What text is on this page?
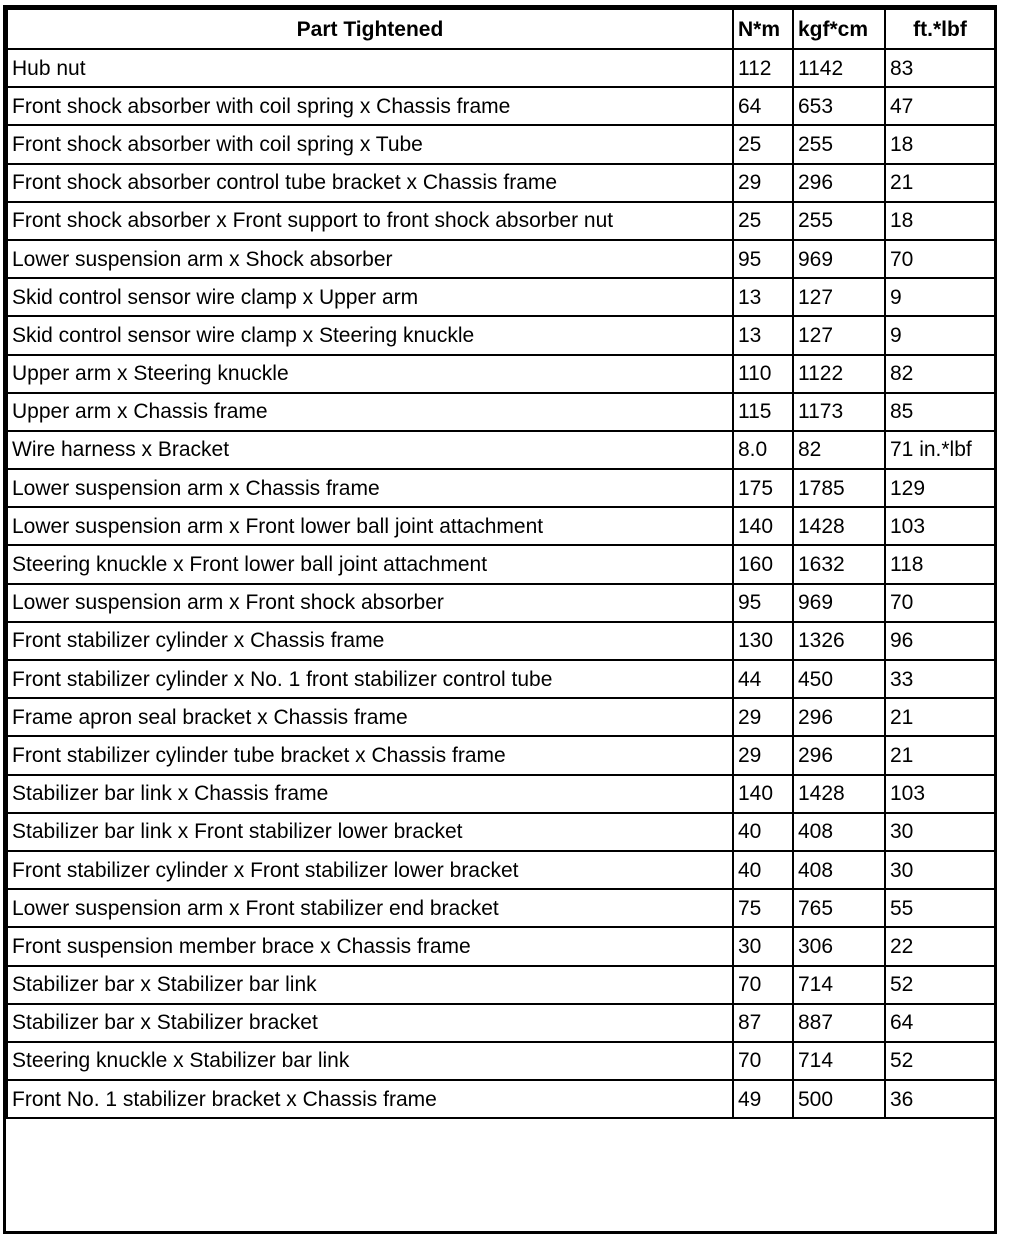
Part Tightened	N*m	kgf*cm	ft.*lbf
Hub nut	112	1142	83
Front shock absorber with coil spring x Chassis frame	64	653	47
Front shock absorber with coil spring x Tube	25	255	18
Front shock absorber control tube bracket x Chassis frame	29	296	21
Front shock absorber x Front support to front shock absorber nut	25	255	18
Lower suspension arm x Shock absorber	95	969	70
Skid control sensor wire clamp x Upper arm	13	127	9
Skid control sensor wire clamp x Steering knuckle	13	127	9
Upper arm x Steering knuckle	110	1122	82
Upper arm x Chassis frame	115	1173	85
Wire harness x Bracket	8.0	82	71 in.*lbf
Lower suspension arm x Chassis frame	175	1785	129
Lower suspension arm x Front lower ball joint attachment	140	1428	103
Steering knuckle x Front lower ball joint attachment	160	1632	118
Lower suspension arm x Front shock absorber	95	969	70
Front stabilizer cylinder x Chassis frame	130	1326	96
Front stabilizer cylinder x No. 1 front stabilizer control tube	44	450	33
Frame apron seal bracket x Chassis frame	29	296	21
Front stabilizer cylinder tube bracket x Chassis frame	29	296	21
Stabilizer bar link x Chassis frame	140	1428	103
Stabilizer bar link x Front stabilizer lower bracket	40	408	30
Front stabilizer cylinder x Front stabilizer lower bracket	40	408	30
Lower suspension arm x Front stabilizer end bracket	75	765	55
Front suspension member brace x Chassis frame	30	306	22
Stabilizer bar x Stabilizer bar link	70	714	52
Stabilizer bar x Stabilizer bracket	87	887	64
Steering knuckle x Stabilizer bar link	70	714	52
Front No. 1 stabilizer bracket x Chassis frame	49	500	36
